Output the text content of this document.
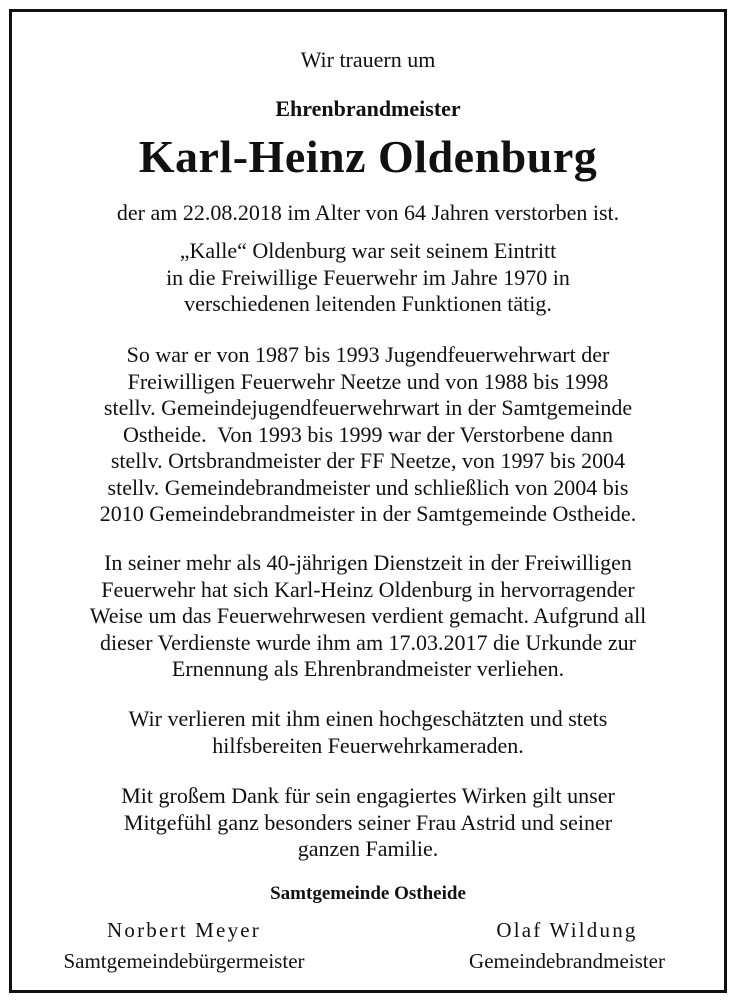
Wir trauern um
Ehrenbrandmeister
Karl-Heinz Oldenburg
der am 22.08.2018 im Alter von 64 Jahren verstorben ist.
„Kalle“ Oldenburg war seit seinem Eintritt
in die Freiwillige Feuerwehr im Jahre 1970 in
verschiedenen leitenden Funktionen tätig.
So war er von 1987 bis 1993 Jugendfeuerwehrwart der
Freiwilligen Feuerwehr Neetze und von 1988 bis 1998
stellv. Gemeindejugendfeuerwehrwart in der Samtgemeinde
Ostheide.  Von 1993 bis 1999 war der Verstorbene dann
stellv. Ortsbrandmeister der FF Neetze, von 1997 bis 2004
stellv. Gemeindebrandmeister und schließlich von 2004 bis
2010 Gemeindebrandmeister in der Samtgemeinde Ostheide.
In seiner mehr als 40-jährigen Dienstzeit in der Freiwilligen
Feuerwehr hat sich Karl-Heinz Oldenburg in hervorragender
Weise um das Feuerwehrwesen verdient gemacht. Aufgrund all
dieser Verdienste wurde ihm am 17.03.2017 die Urkunde zur
Ernennung als Ehrenbrandmeister verliehen.
Wir verlieren mit ihm einen hochgeschätzten und stets
hilfsbereiten Feuerwehrkameraden.
Mit großem Dank für sein engagiertes Wirken gilt unser
Mitgefühl ganz besonders seiner Frau Astrid und seiner
ganzen Familie.
Samtgemeinde Ostheide
Norbert Meyer
Samtgemeindebürgermeister
Olaf Wildung
Gemeindebrandmeister
